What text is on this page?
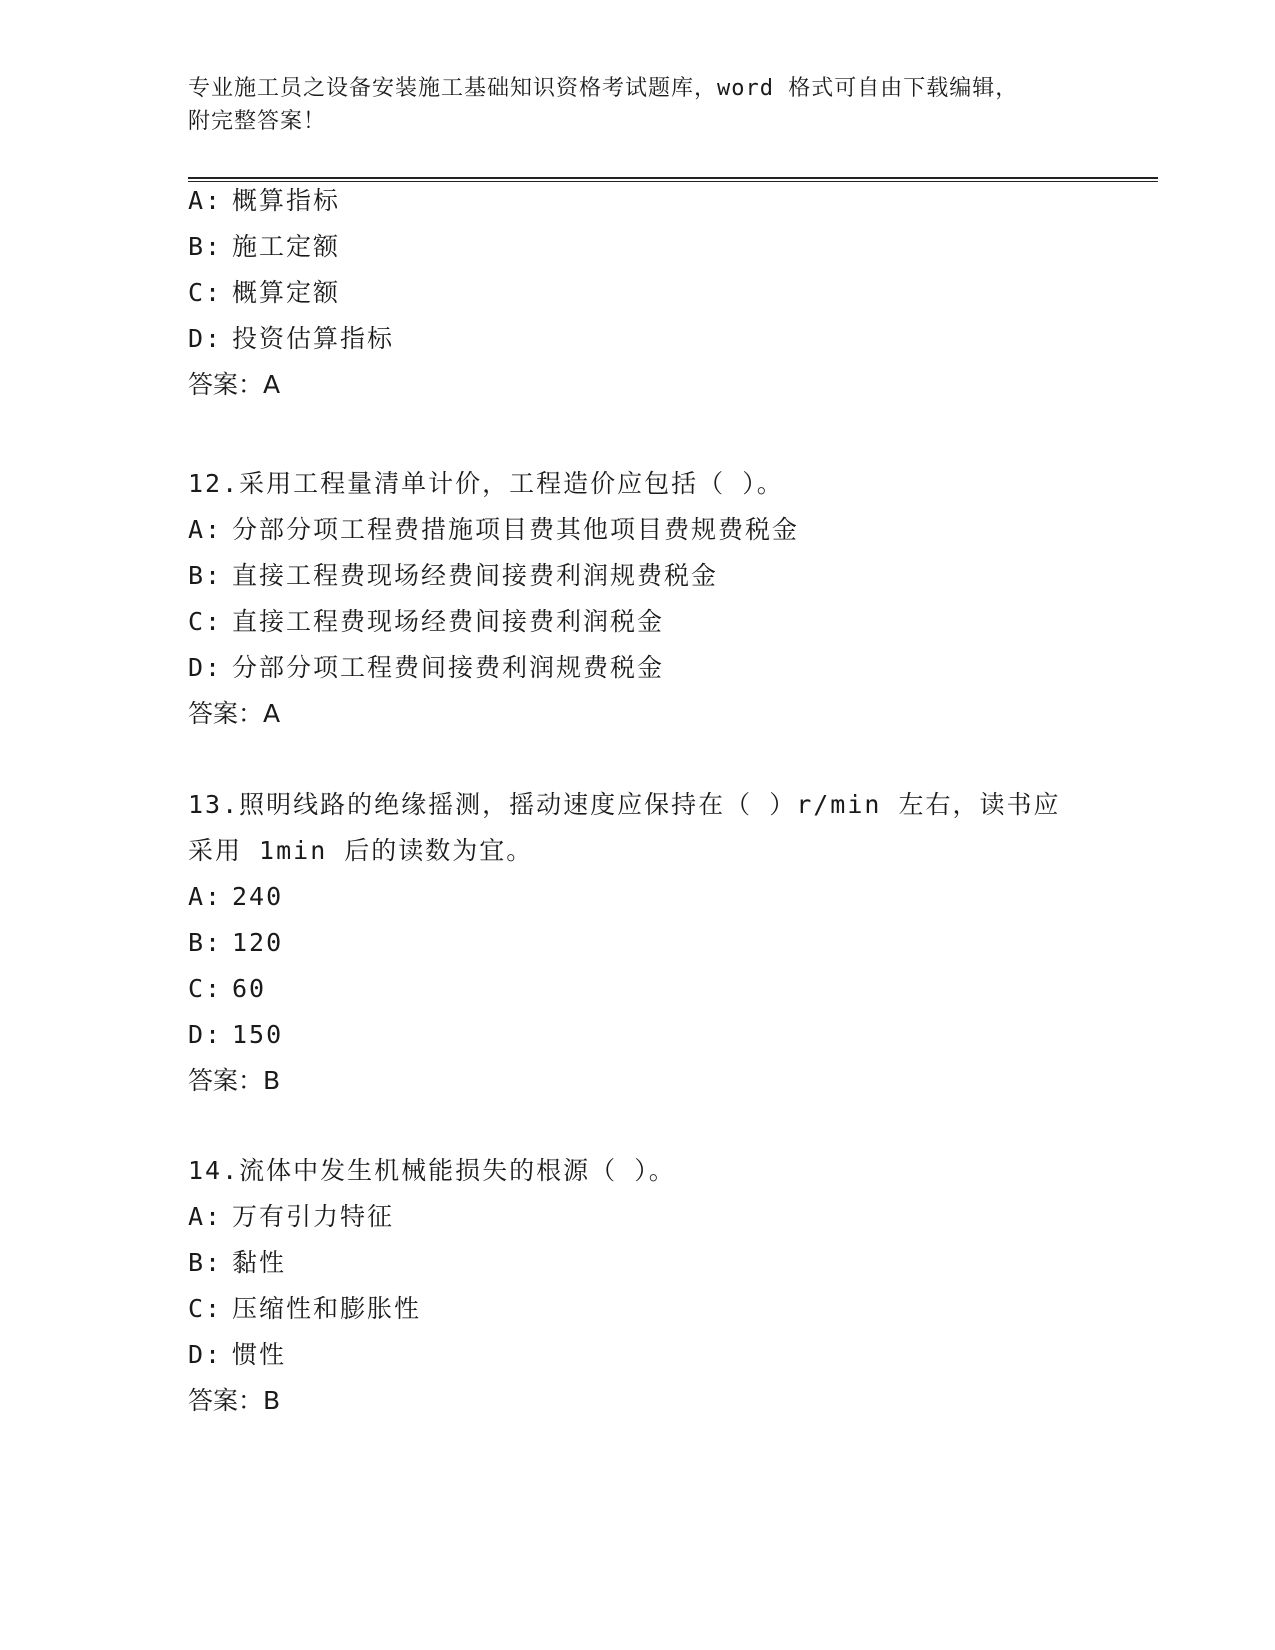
专业施工员之设备安装施工基础知识资格考试题库，word 格式可自由下载编辑，
附完整答案！
A: 概算指标
B: 施工定额
C: 概算定额
D: 投资估算指标
答案：A
12.采用工程量清单计价，工程造价应包括（ ）。
A: 分部分项工程费措施项目费其他项目费规费税金
B: 直接工程费现场经费间接费利润规费税金
C: 直接工程费现场经费间接费利润税金
D: 分部分项工程费间接费利润规费税金
答案：A
13.照明线路的绝缘摇测，摇动速度应保持在（ ）r/min 左右，读书应
采用 1min 后的读数为宜。
A: 240
B: 120
C: 60
D: 150
答案：B
14.流体中发生机械能损失的根源（ ）。
A: 万有引力特征
B: 黏性
C: 压缩性和膨胀性
D: 惯性
答案：B
